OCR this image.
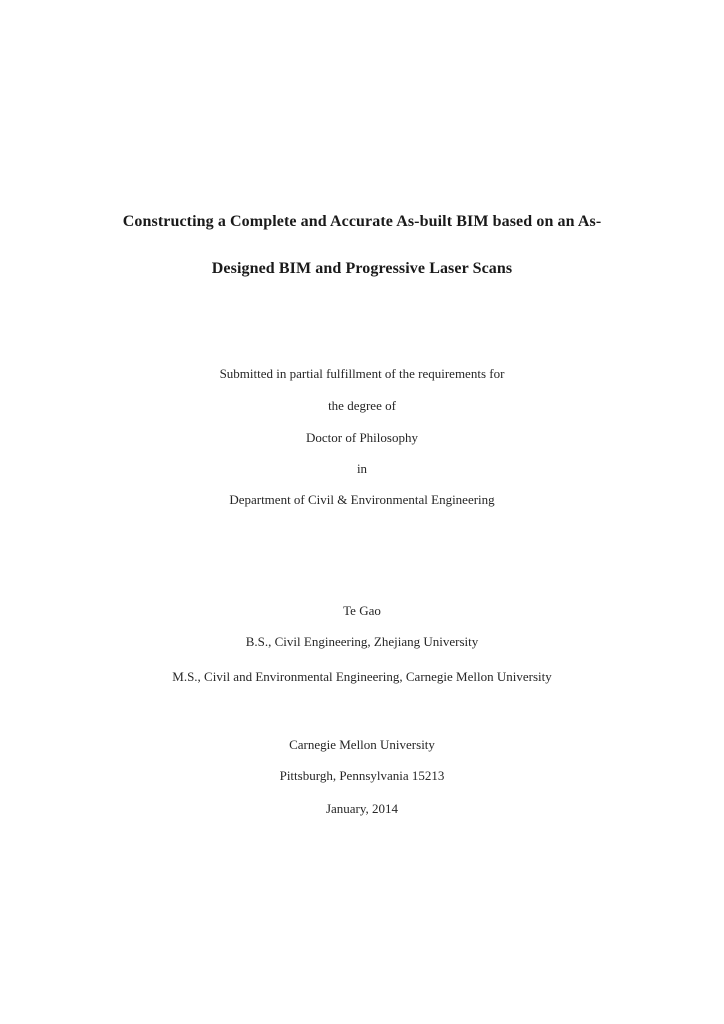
Constructing a Complete and Accurate As-built BIM based on an As-
Designed BIM and Progressive Laser Scans
Submitted in partial fulfillment of the requirements for
the degree of
Doctor of Philosophy
in
Department of Civil & Environmental Engineering
Te Gao
B.S., Civil Engineering, Zhejiang University
M.S., Civil and Environmental Engineering, Carnegie Mellon University
Carnegie Mellon University
Pittsburgh, Pennsylvania 15213
January, 2014
